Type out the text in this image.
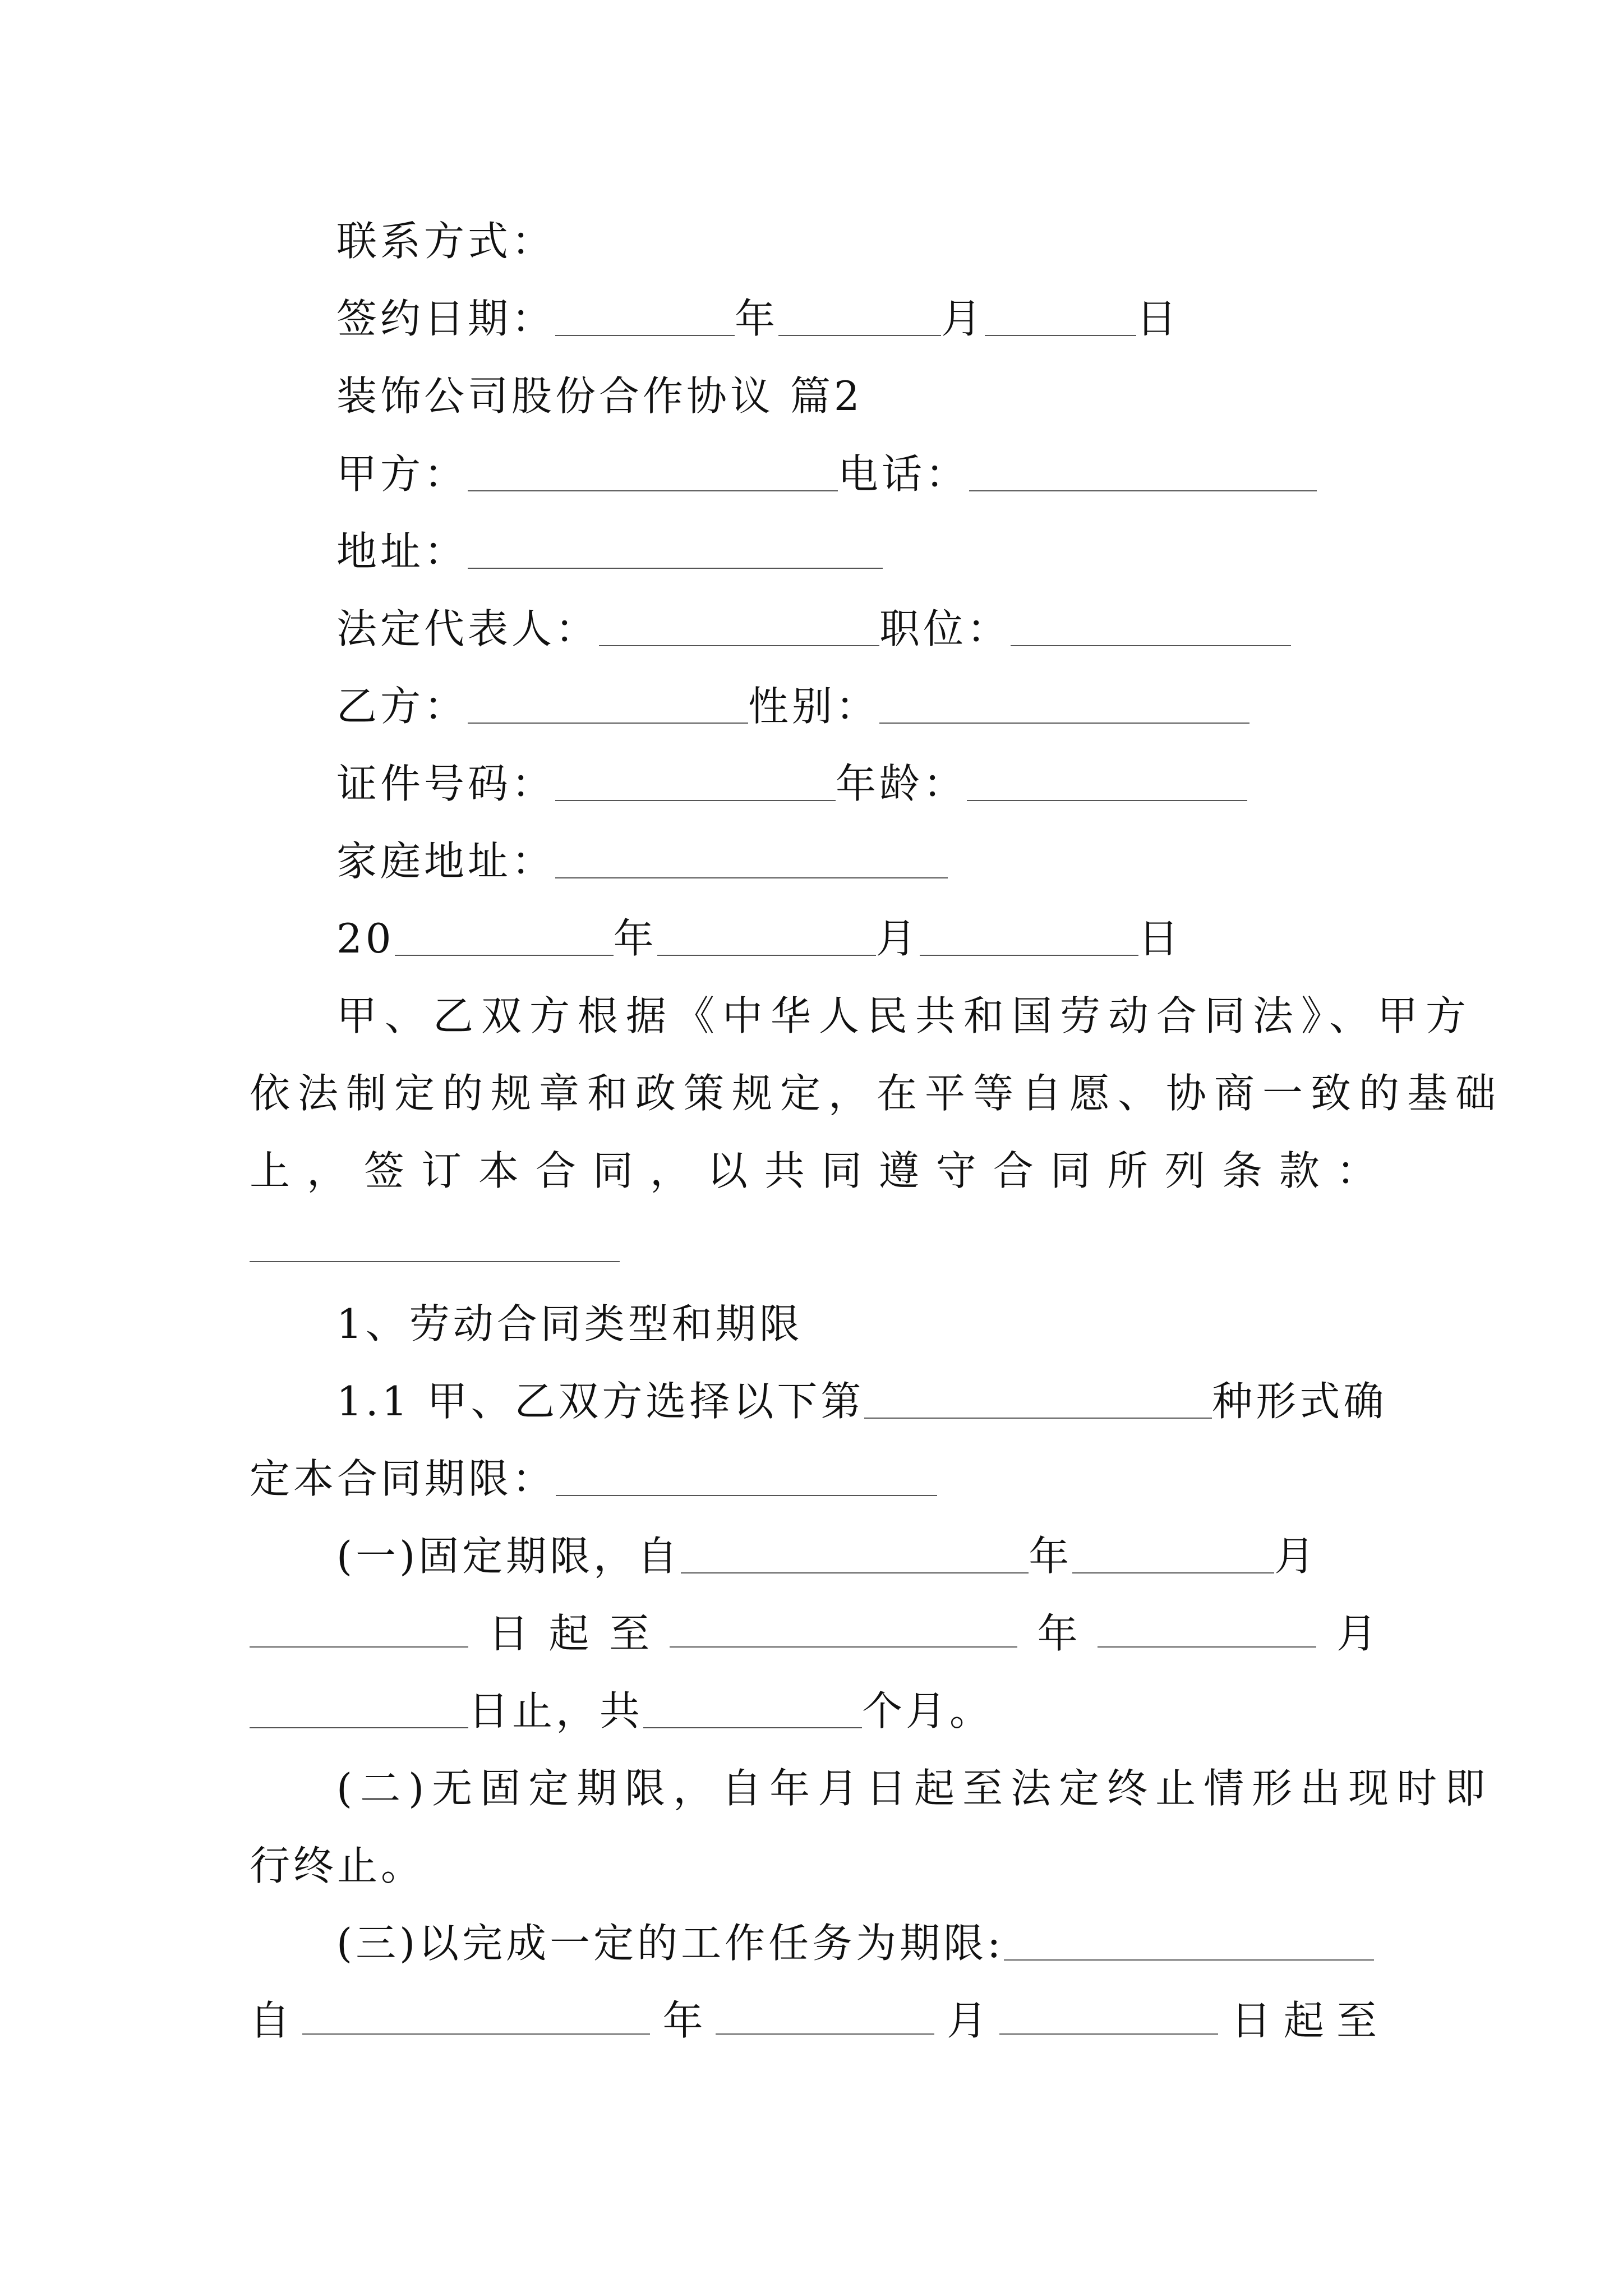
联系方式：
签约日期：	年	月	日
装饰公司股份合作协议 篇2
甲方：	电话：
地址：
法定代表人：	职位：
乙方：	性别：
证件号码：	年龄：
家庭地址：
20	年	月	日
甲、乙双方根据《中华人民共和国劳动合同法》、甲方
依法制定的规章和政策规定，在平等自愿、协商一致的基础
上 ， 签 订 本 合 同 ， 以 共 同 遵 守 合 同 所 列 条 款 ：
1、劳动合同类型和期限
1.1 甲、乙双方选择以下第	种形式确
定本合同期限：
(一)固定期限，自	年	月
日 起 至	年	月
日止，共	个月。
(二)无固定期限，自年月日起至法定终止情形出现时即
行终止。
(三)以完成一定的工作任务为期限:
自	年	月	日 起 至
